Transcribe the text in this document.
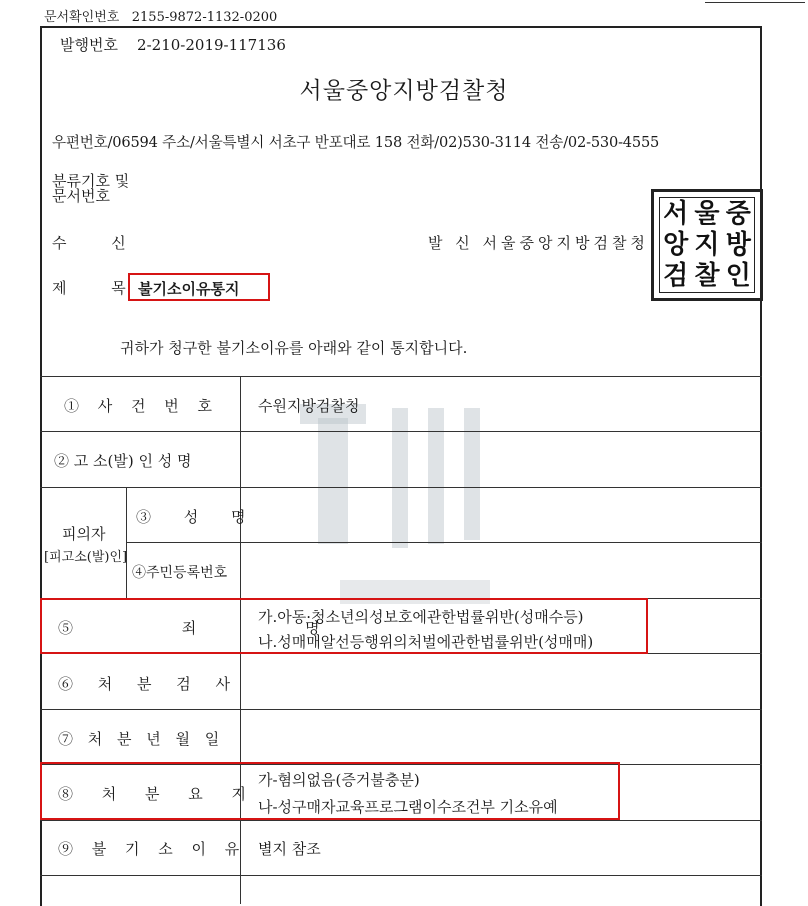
문서확인번호 2155-9872-1132-0200
발행번호 2-210-2019-117136
서울중앙지방검찰청
우편번호/06594 주소/서울특별시 서초구 반포대로 158 전화/02)530-3114 전송/02-530-4555
분류기호 및
문서번호
수 신	발 신 서울중앙지방검찰청
서 울 중
앙 지 방
검 찰 인
제 목 불기소이유통지
귀하가 청구한 불기소이유를 아래와 같이 통지합니다.
① 사 건 번 호	수원지방검찰청
② 고 소(발) 인 성 명
피의자
[피고소(발)인]
③ 성 명
④주민등록번호
⑤ 죄 명
가.아동·청소년의성보호에관한법률위반(성매수등)
나.성매매알선등행위의처벌에관한법률위반(성매매)
⑥ 처 분 검 사
⑦ 처 분 년 월 일
⑧ 처 분 요 지
가-혐의없음(증거불충분)
나-성구매자교육프로그램이수조건부 기소유예
⑨ 불 기 소 이 유 별지 참조
